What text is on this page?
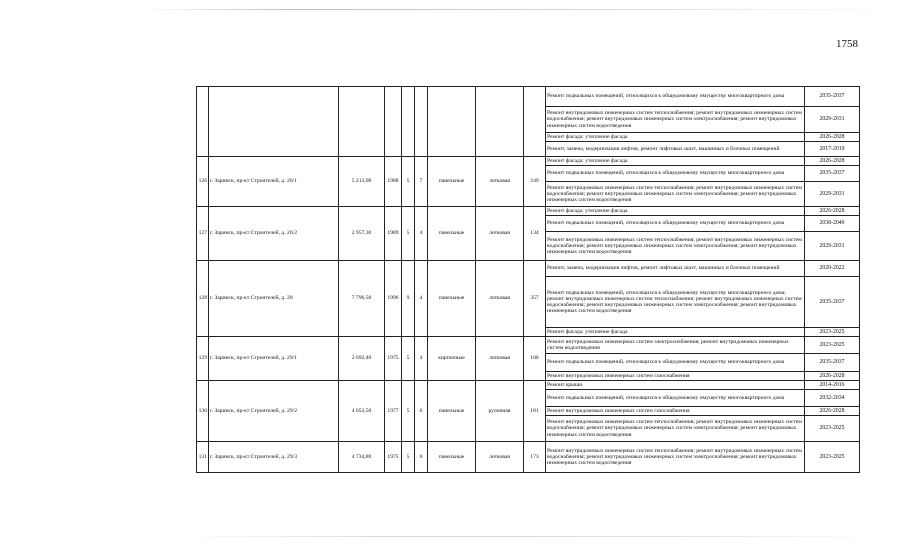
1758
									Ремонт подвальных помещений, относящихся к общедомовому имуществу многоквартирного дома	2035-2037
									Ремонт внутридомовых инженерных систем теплоснабжения; ремонт внутридомовых инженерных систем водоснабжения; ремонт внутридомовых инженерных систем электроснабжения; ремонт внутридомовых инженерных систем водоотведения	2029-2031
									Ремонт фасада; утепление фасада	2026-2028
									Ремонт, замена, модернизация лифтов, ремонт лифтовых шахт, машинных и блочных помещений	2017-2019
126	г. Заринск, пр-кт Строителей, д. 26/1	5 213,00	1988	5	7	панельные	лотковая	249	Ремонт фасада; утепление фасада	2026-2028
									Ремонт подвальных помещений, относящихся к общедомовому имуществу многоквартирного дома	2035-2037
									Ремонт внутридомовых инженерных систем теплоснабжения; ремонт внутридомовых инженерных систем водоснабжения; ремонт внутридомовых инженерных систем электроснабжения; ремонт внутридомовых инженерных систем водоотведения	2029-2031
127	г. Заринск, пр-кт Строителей, д. 26/2	2 957,30	1989	5	4	панельные	лотковая	134	Ремонт фасада; утепление фасада	2026-2028
									Ремонт подвальных помещений, относящихся к общедомовому имуществу многоквартирного дома	2038-2040
									Ремонт внутридомовых инженерных систем теплоснабжения; ремонт внутридомовых инженерных систем водоснабжения; ремонт внутридомовых инженерных систем электроснабжения; ремонт внутридомовых инженерных систем водоотведения	2029-2031
128	г. Заринск, пр-кт Строителей, д. 28	7 796,50	1996	9	4	панельные	лотковая	357	Ремонт, замена, модернизация лифтов, ремонт лифтовых шахт, машинных и блочных помещений	2020-2022
									Ремонт подвальных помещений, относящихся к общедомовому имуществу многоквартирного дома; ремонт внутридомовых инженерных систем теплоснабжения; ремонт внутридомовых инженерных систем водоснабжения; ремонт внутридомовых инженерных систем электроснабжения; ремонт внутридомовых инженерных систем водоотведения	2035-2037
									Ремонт фасада; утепление фасада	2023-2025
129	г. Заринск, пр-кт Строителей, д. 29/1	2 692,40	1975	5	4	кирпичные	лотковая	100	Ремонт внутридомовых инженерных систем электроснабжения; ремонт внутридомовых инженерных систем водоотведения	2023-2025
									Ремонт подвальных помещений, относящихся к общедомовому имуществу многоквартирного дома	2035-2037
									Ремонт внутридомовых инженерных систем газоснабжения	2026-2028
130	г. Заринск, пр-кт Строителей, д. 29/2	4 053,50	1977	5	6	панельные	рулонная	181	Ремонт крыши	2014-2016
									Ремонт подвальных помещений, относящихся к общедомовому имуществу многоквартирного дома	2032-2034
									Ремонт внутридомовых инженерных систем газоснабжения	2026-2028
									Ремонт внутридомовых инженерных систем теплоснабжения; ремонт внутридомовых инженерных систем водоснабжения; ремонт внутридомовых инженерных систем электроснабжения; ремонт внутридомовых инженерных систем водоотведения	2023-2025
131	г. Заринск, пр-кт Строителей, д. 29/3	4 734,80	1975	5	6	панельные	лотковая	173	Ремонт внутридомовых инженерных систем теплоснабжения; ремонт внутридомовых инженерных систем водоснабжения; ремонт внутридомовых инженерных систем электроснабжения; ремонт внутридомовых инженерных систем водоотведения	2023-2025
